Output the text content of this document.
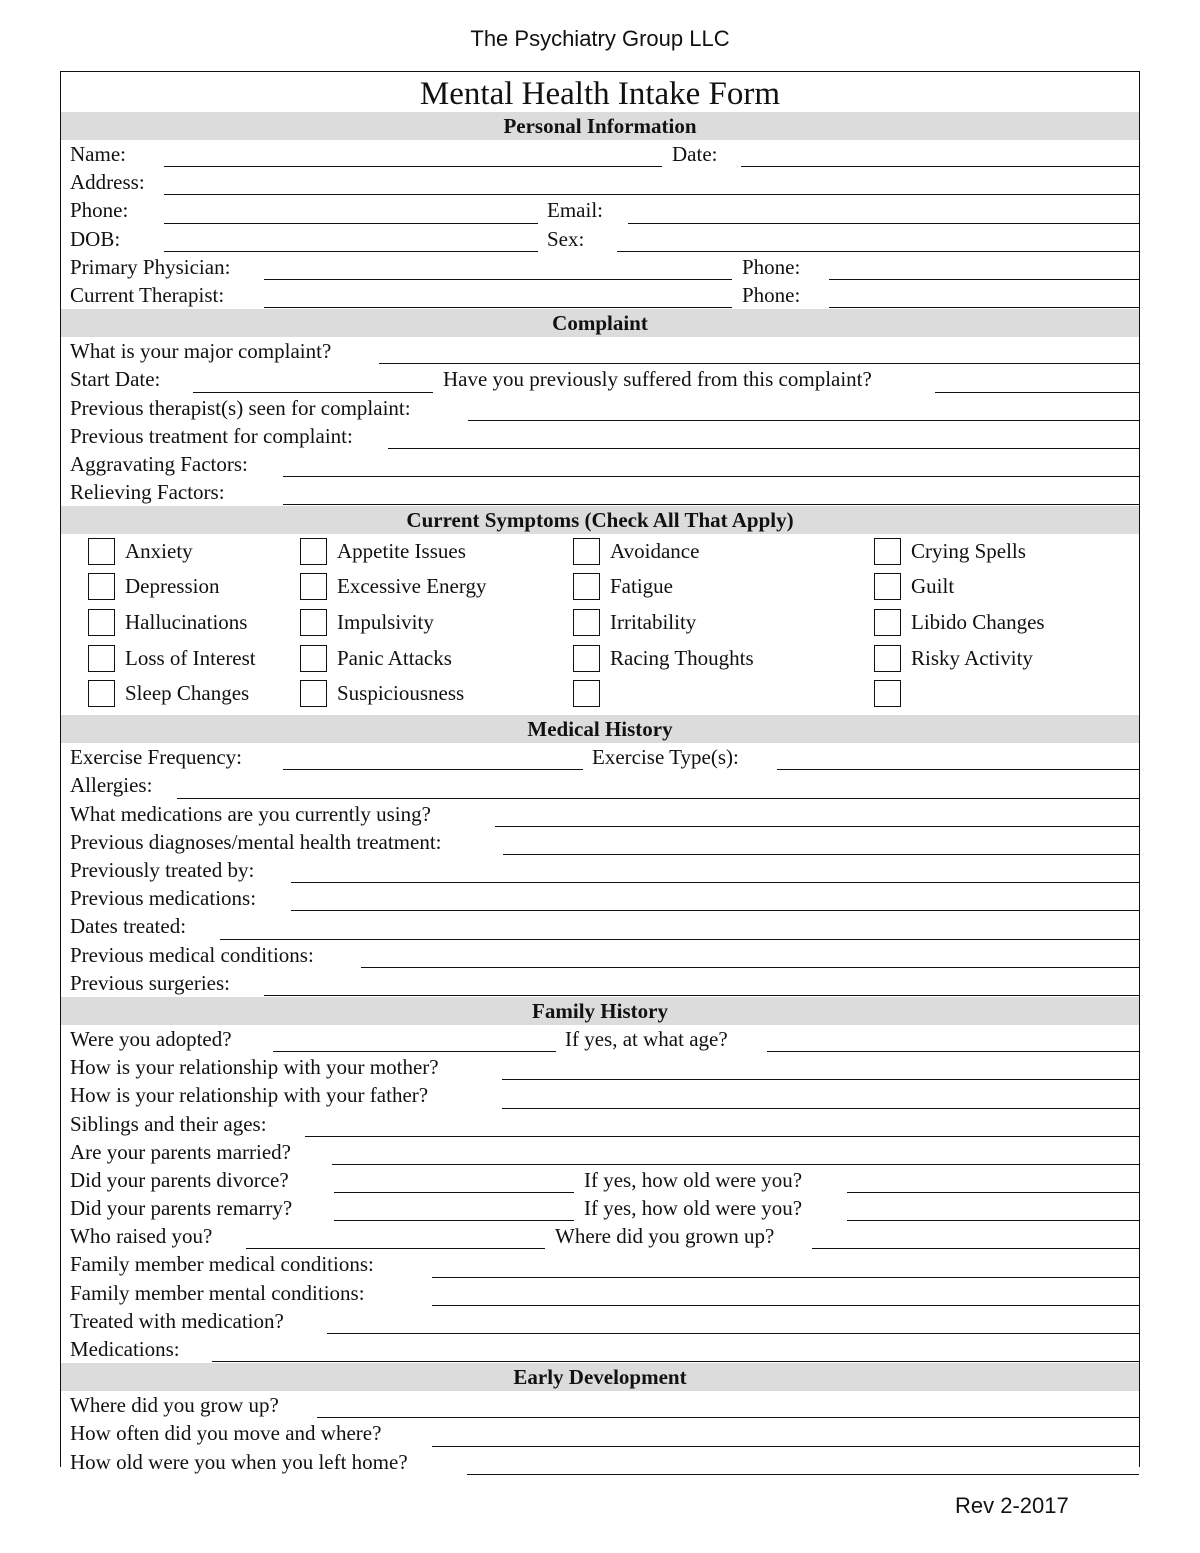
The Psychiatry Group LLC
Mental Health Intake Form
Personal Information
Name:	Date:
Address:
Phone:	Email:
DOB:	Sex:
Primary Physician:	Phone:
Current Therapist:	Phone:
Complaint
What is your major complaint?
Start Date:	Have you previously suffered from this complaint?
Previous therapist(s) seen for complaint:
Previous treatment for complaint:
Aggravating Factors:
Relieving Factors:
Current Symptoms (Check All That Apply)
Anxiety	Appetite Issues	Avoidance	Crying Spells
Depression	Excessive Energy	Fatigue	Guilt
Hallucinations	Impulsivity	Irritability	Libido Changes
Loss of Interest	Panic Attacks	Racing Thoughts	Risky Activity
Sleep Changes	Suspiciousness
Medical History
Exercise Frequency:	Exercise Type(s):
Allergies:
What medications are you currently using?
Previous diagnoses/mental health treatment:
Previously treated by:
Previous medications:
Dates treated:
Previous medical conditions:
Previous surgeries:
Family History
Were you adopted?	If yes, at what age?
How is your relationship with your mother?
How is your relationship with your father?
Siblings and their ages:
Are your parents married?
Did your parents divorce?	If yes, how old were you?
Did your parents remarry?	If yes, how old were you?
Who raised you?	Where did you grown up?
Family member medical conditions:
Family member mental conditions:
Treated with medication?
Medications:
Early Development
Where did you grow up?
How often did you move and where?
How old were you when you left home?
Rev 2-2017
